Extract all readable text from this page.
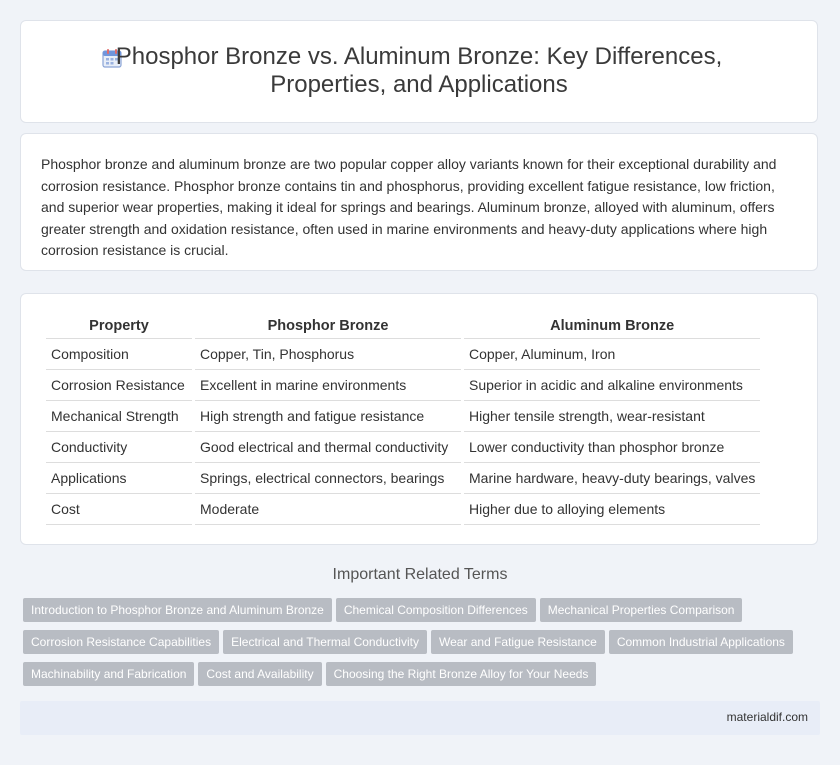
Phosphor Bronze vs. Aluminum Bronze: Key Differences, Properties, and Applications

Phosphor bronze and aluminum bronze are two popular copper alloy variants known for their exceptional durability and corrosion resistance. Phosphor bronze contains tin and phosphorus, providing excellent fatigue resistance, low friction, and superior wear properties, making it ideal for springs and bearings. Aluminum bronze, alloyed with aluminum, offers greater strength and oxidation resistance, often used in marine environments and heavy-duty applications where high corrosion resistance is crucial.

Property	Phosphor Bronze	Aluminum Bronze
Composition	Copper, Tin, Phosphorus	Copper, Aluminum, Iron
Corrosion Resistance	Excellent in marine environments	Superior in acidic and alkaline environments
Mechanical Strength	High strength and fatigue resistance	Higher tensile strength, wear-resistant
Conductivity	Good electrical and thermal conductivity	Lower conductivity than phosphor bronze
Applications	Springs, electrical connectors, bearings	Marine hardware, heavy-duty bearings, valves
Cost	Moderate	Higher due to alloying elements
Important Related Terms
Introduction to Phosphor Bronze and Aluminum Bronze Chemical Composition Differences Mechanical Properties ComparisonCorrosion Resistance Capabilities Electrical and Thermal Conductivity Wear and Fatigue Resistance Common Industrial ApplicationsMachinability and Fabrication Cost and Availability Choosing the Right Bronze Alloy for Your Needs
materialdif.com
